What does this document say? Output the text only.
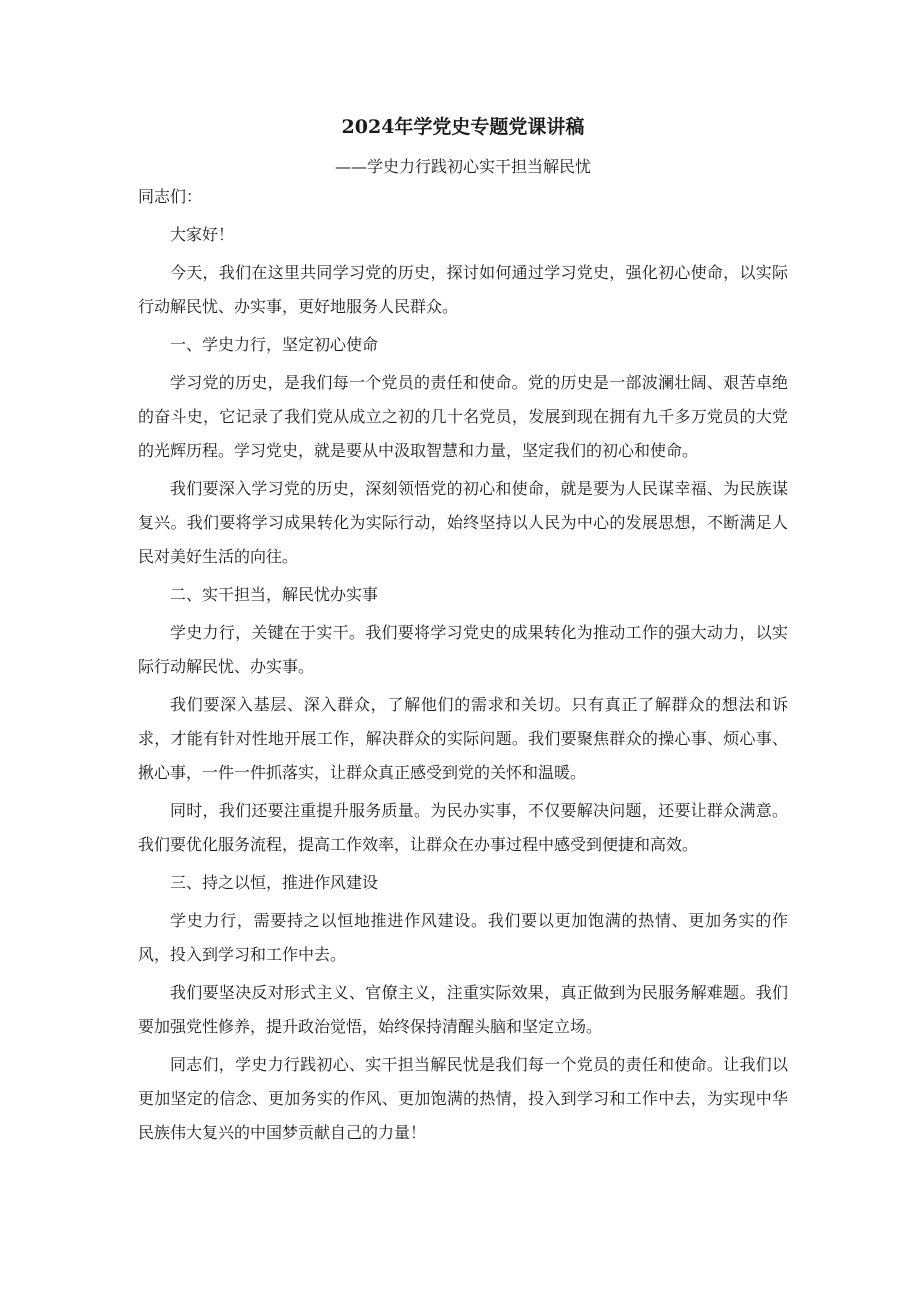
2024年学党史专题党课讲稿
——学史力行践初心实干担当解民忧
同志们：

大家好！

今天，我们在这里共同学习党的历史，探讨如何通过学习党史，强化初心使命，以实际行动解民忧、办实事，更好地服务人民群众。

一、学史力行，坚定初心使命

学习党的历史，是我们每一个党员的责任和使命。党的历史是一部波澜壮阔、艰苦卓绝的奋斗史，它记录了我们党从成立之初的几十名党员，发展到现在拥有九千多万党员的大党的光辉历程。学习党史，就是要从中汲取智慧和力量，坚定我们的初心和使命。

我们要深入学习党的历史，深刻领悟党的初心和使命，就是要为人民谋幸福、为民族谋复兴。我们要将学习成果转化为实际行动，始终坚持以人民为中心的发展思想，不断满足人民对美好生活的向往。

二、实干担当，解民忧办实事

学史力行，关键在于实干。我们要将学习党史的成果转化为推动工作的强大动力，以实际行动解民忧、办实事。

我们要深入基层、深入群众，了解他们的需求和关切。只有真正了解群众的想法和诉求，才能有针对性地开展工作，解决群众的实际问题。我们要聚焦群众的操心事、烦心事、揪心事，一件一件抓落实，让群众真正感受到党的关怀和温暖。

同时，我们还要注重提升服务质量。为民办实事，不仅要解决问题，还要让群众满意。我们要优化服务流程，提高工作效率，让群众在办事过程中感受到便捷和高效。

三、持之以恒，推进作风建设

学史力行，需要持之以恒地推进作风建设。我们要以更加饱满的热情、更加务实的作风，投入到学习和工作中去。

我们要坚决反对形式主义、官僚主义，注重实际效果，真正做到为民服务解难题。我们要加强党性修养，提升政治觉悟，始终保持清醒头脑和坚定立场。

同志们，学史力行践初心、实干担当解民忧是我们每一个党员的责任和使命。让我们以更加坚定的信念、更加务实的作风、更加饱满的热情，投入到学习和工作中去，为实现中华民族伟大复兴的中国梦贡献自己的力量！
